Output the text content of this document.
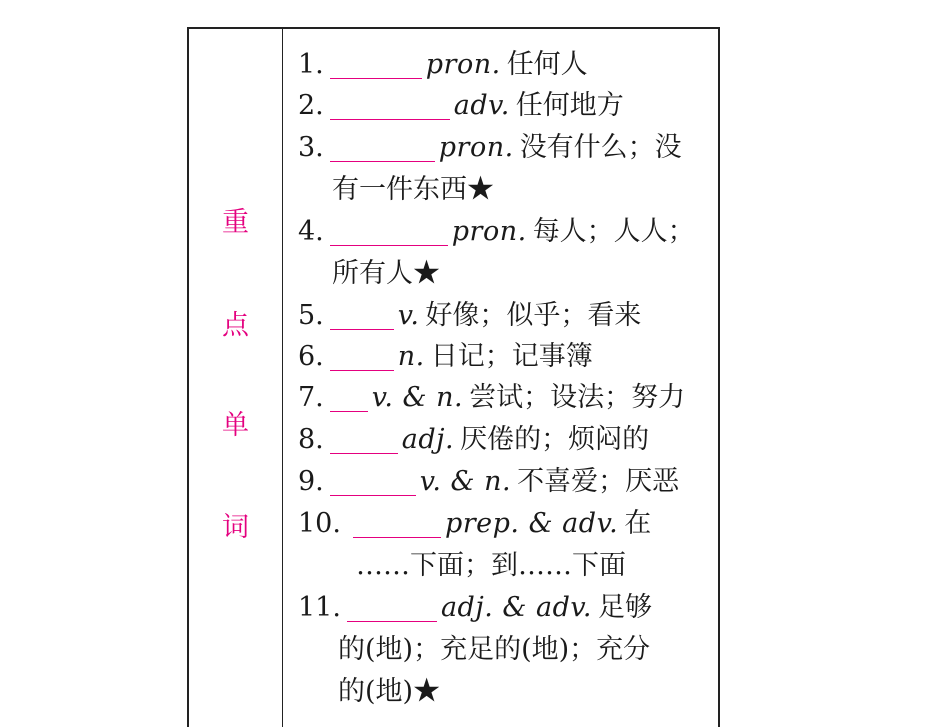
重
点
单
词
1.	pron. 任何人
2.	adv. 任何地方
3.	pron. 没有什么；没
有一件东西★
4.	pron. 每人；人人；
所有人★
5.	v. 好像；似乎；看来
6.	n. 日记；记事簿
7. v. & n. 尝试；设法；努力
8.	adj. 厌倦的；烦闷的
9.	v. & n. 不喜爱；厌恶
10.	prep. & adv. 在
……下面；到……下面
11.	adj. & adv. 足够
的(地)；充足的(地)；充分
的(地)★
